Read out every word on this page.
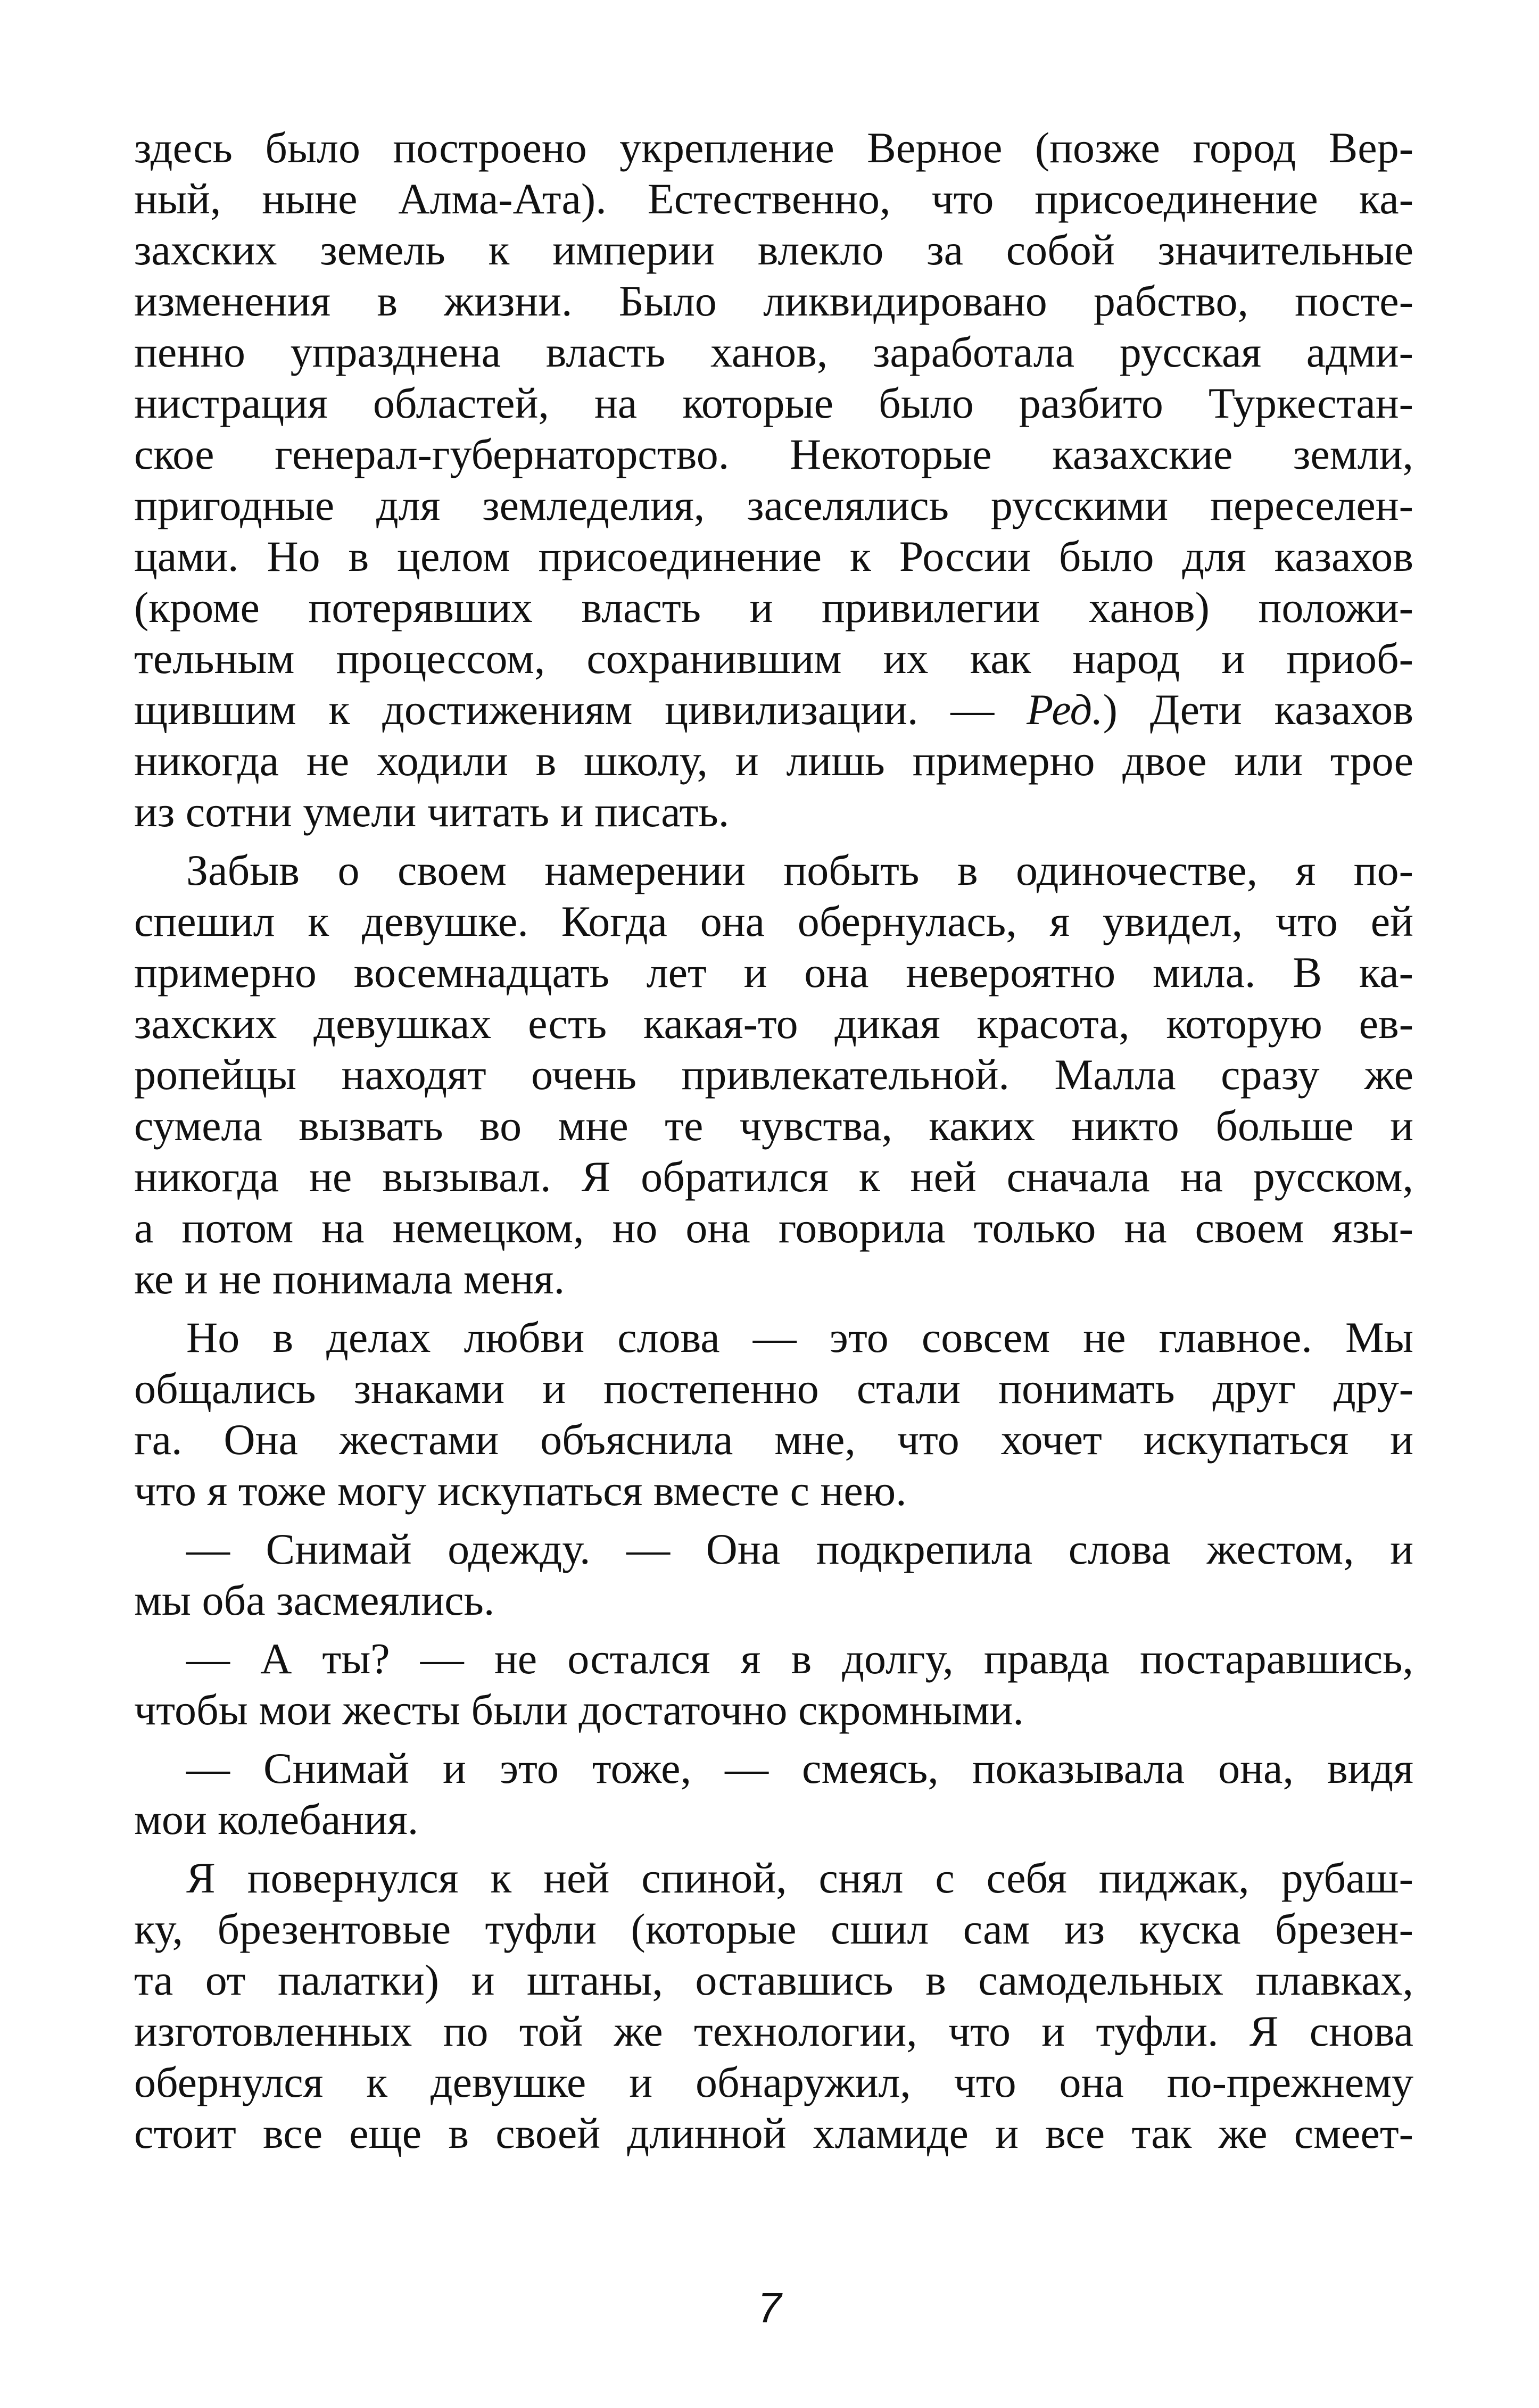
здесь было построено укрепление Верное (позже город Вер-
ный, ныне Алма-Ата). Естественно, что присоединение ка-
захских земель к империи влекло за собой значительные
изменения в жизни. Было ликвидировано рабство, посте-
пенно упразднена власть ханов, заработала русская адми-
нистрация областей, на которые было разбито Туркестан-
ское генерал-губернаторство. Некоторые казахские земли,
пригодные для земледелия, заселялись русскими переселен-
цами. Но в целом присоединение к России было для казахов
(кроме потерявших власть и привилегии ханов) положи-
тельным процессом, сохранившим их как народ и приоб-
щившим к достижениям цивилизации. — Ред.) Дети казахов
никогда не ходили в школу, и лишь примерно двое или трое
из сотни умели читать и писать.
Забыв о своем намерении побыть в одиночестве, я по-
спешил к девушке. Когда она обернулась, я увидел, что ей
примерно восемнадцать лет и она невероятно мила. В ка-
захских девушках есть какая-то дикая красота, которую ев-
ропейцы находят очень привлекательной. Малла сразу же
сумела вызвать во мне те чувства, каких никто больше и
никогда не вызывал. Я обратился к ней сначала на русском,
а потом на немецком, но она говорила только на своем язы-
ке и не понимала меня.
Но в делах любви слова — это совсем не главное. Мы
общались знаками и постепенно стали понимать друг дру-
га. Она жестами объяснила мне, что хочет искупаться и
что я тоже могу искупаться вместе с нею.
— Снимай одежду. — Она подкрепила слова жестом, и
мы оба засмеялись.
— А ты? — не остался я в долгу, правда постаравшись,
чтобы мои жесты были достаточно скромными.
— Снимай и это тоже, — смеясь, показывала она, видя
мои колебания.
Я повернулся к ней спиной, снял с себя пиджак, рубаш-
ку, брезентовые туфли (которые сшил сам из куска брезен-
та от палатки) и штаны, оставшись в самодельных плавках,
изготовленных по той же технологии, что и туфли. Я снова
обернулся к девушке и обнаружил, что она по-прежнему
стоит все еще в своей длинной хламиде и все так же смеет-
7
